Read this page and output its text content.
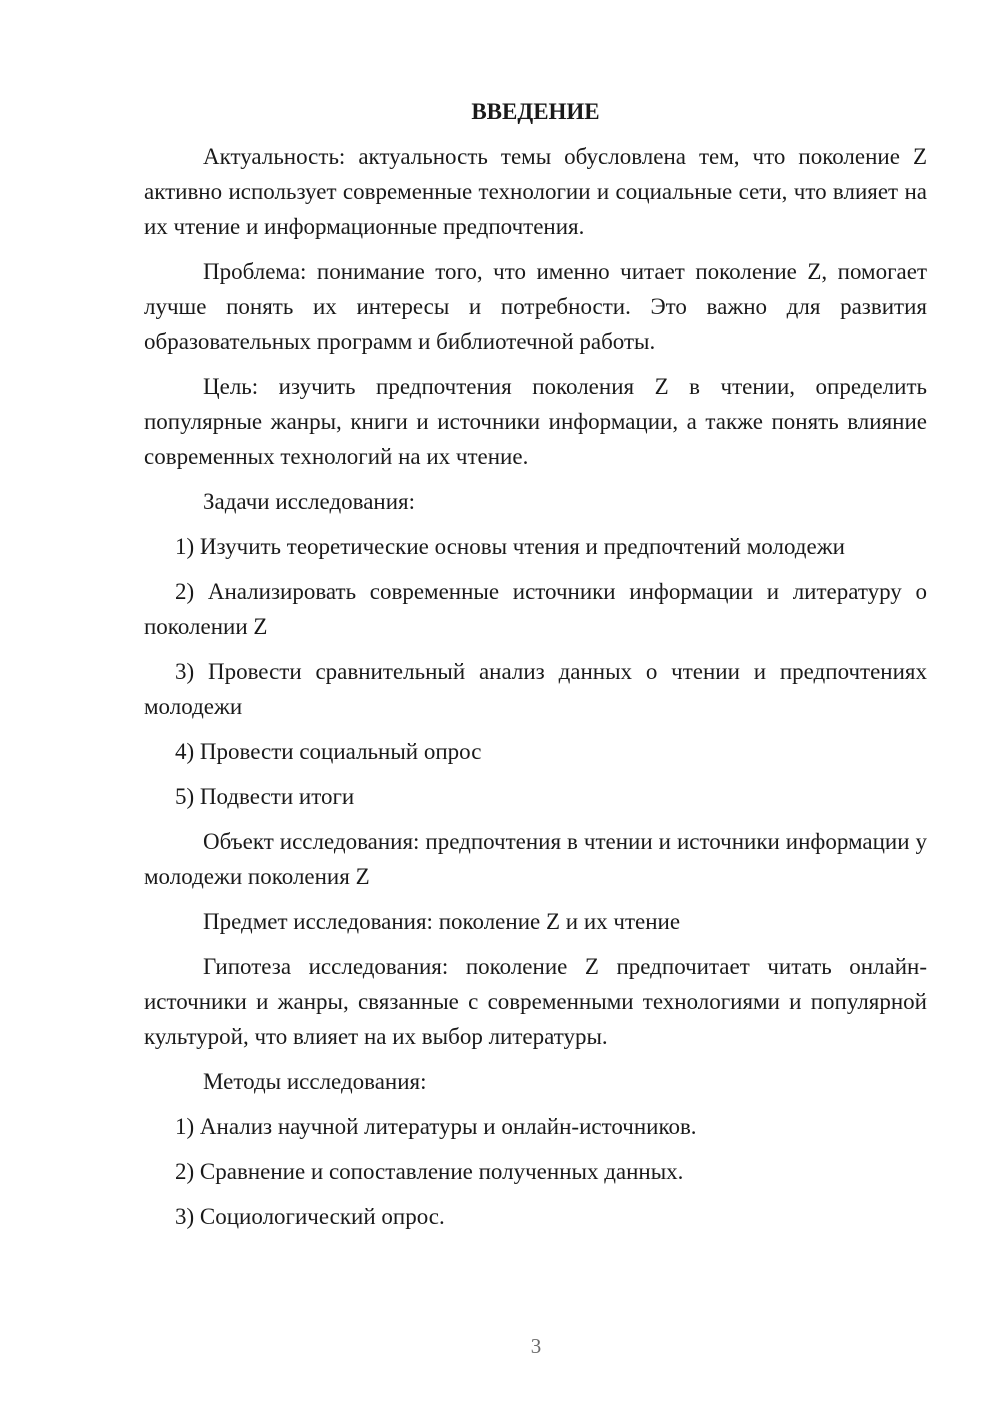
ВВЕДЕНИЕ

Актуальность: актуальность темы обусловлена тем, что поколение Z активно использует современные технологии и социальные сети, что влияет на их чтение и информационные предпочтения.

Проблема: понимание того, что именно читает поколение Z, помогает лучше понять их интересы и потребности. Это важно для развития образовательных программ и библиотечной работы.

Цель: изучить предпочтения поколения Z в чтении, определить популярные жанры, книги и источники информации, а также понять влияние современных технологий на их чтение.

Задачи исследования:

1) Изучить теоретические основы чтения и предпочтений молодежи

2) Анализировать современные источники информации и литературу о поколении Z

3) Провести сравнительный анализ данных о чтении и предпочтениях молодежи

4) Провести социальный опрос

5) Подвести итоги

Объект исследования: предпочтения в чтении и источники информации у молодежи поколения Z

Предмет исследования: поколение Z и их чтение

Гипотеза исследования: поколение Z предпочитает читать онлайн-источники и жанры, связанные с современными технологиями и популярной культурой, что влияет на их выбор литературы.

Методы исследования:

1) Анализ научной литературы и онлайн-источников.

2) Сравнение и сопоставление полученных данных.

3) Социологический опрос.

3
